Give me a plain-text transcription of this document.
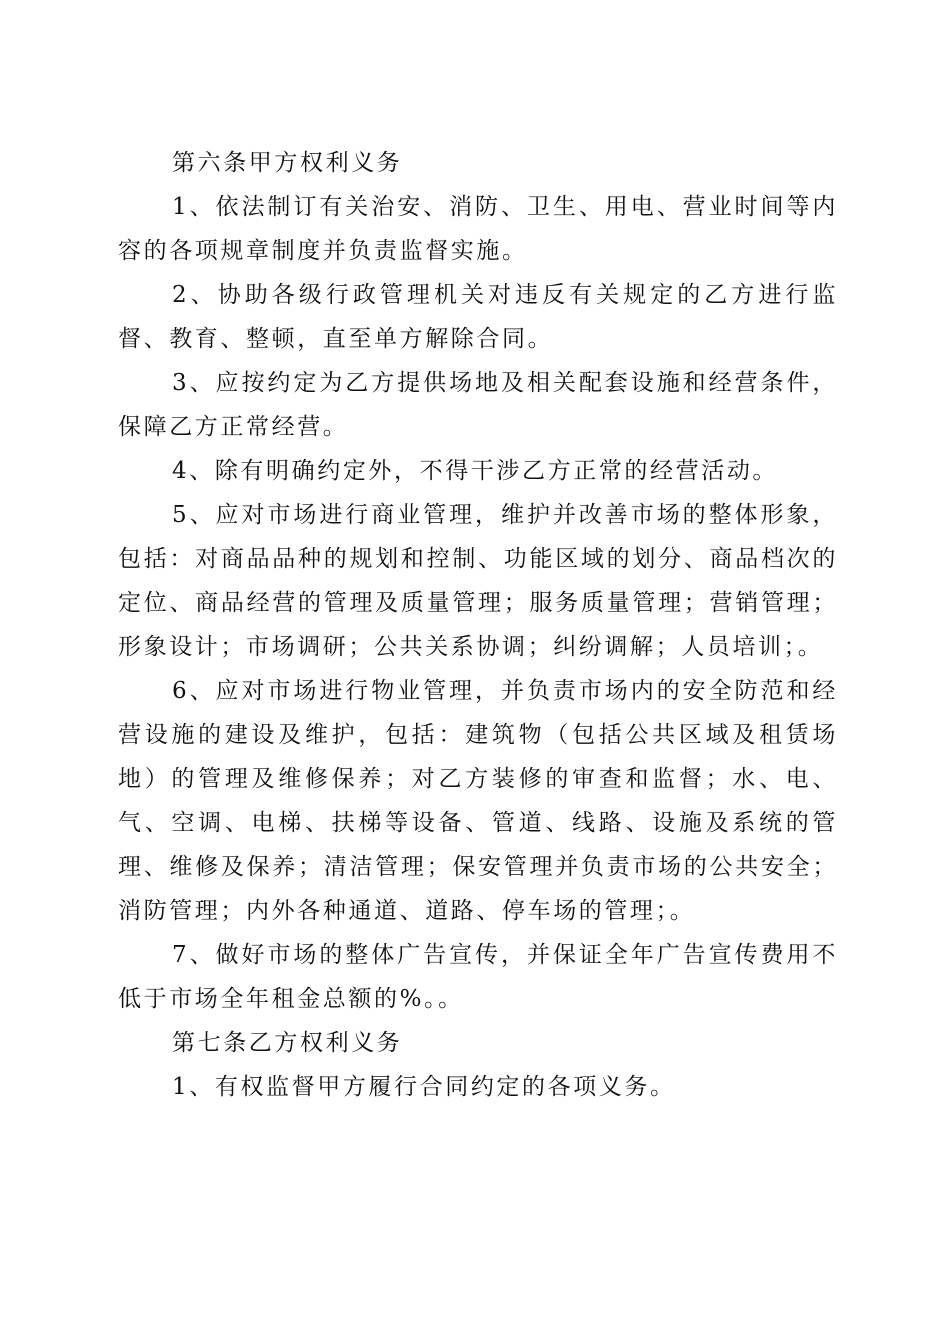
第六条甲方权利义务

1、依法制订有关治安、消防、卫生、用电、营业时间等内容的各项规章制度并负责监督实施。

2、协助各级行政管理机关对违反有关规定的乙方进行监督、教育、整顿，直至单方解除合同。

3、应按约定为乙方提供场地及相关配套设施和经营条件，保障乙方正常经营。

4、除有明确约定外，不得干涉乙方正常的经营活动。

5、应对市场进行商业管理，维护并改善市场的整体形象，包括：对商品品种的规划和控制、功能区域的划分、商品档次的定位、商品经营的管理及质量管理；服务质量管理；营销管理；形象设计；市场调研；公共关系协调；纠纷调解；人员培训；。

6、应对市场进行物业管理，并负责市场内的安全防范和经营设施的建设及维护，包括：建筑物（包括公共区域及租赁场地）的管理及维修保养；对乙方装修的审查和监督；水、电、气、空调、电梯、扶梯等设备、管道、线路、设施及系统的管理、维修及保养；清洁管理；保安管理并负责市场的公共安全；消防管理；内外各种通道、道路、停车场的管理；。

7、做好市场的整体广告宣传，并保证全年广告宣传费用不低于市场全年租金总额的%。。

第七条乙方权利义务

1、有权监督甲方履行合同约定的各项义务。
